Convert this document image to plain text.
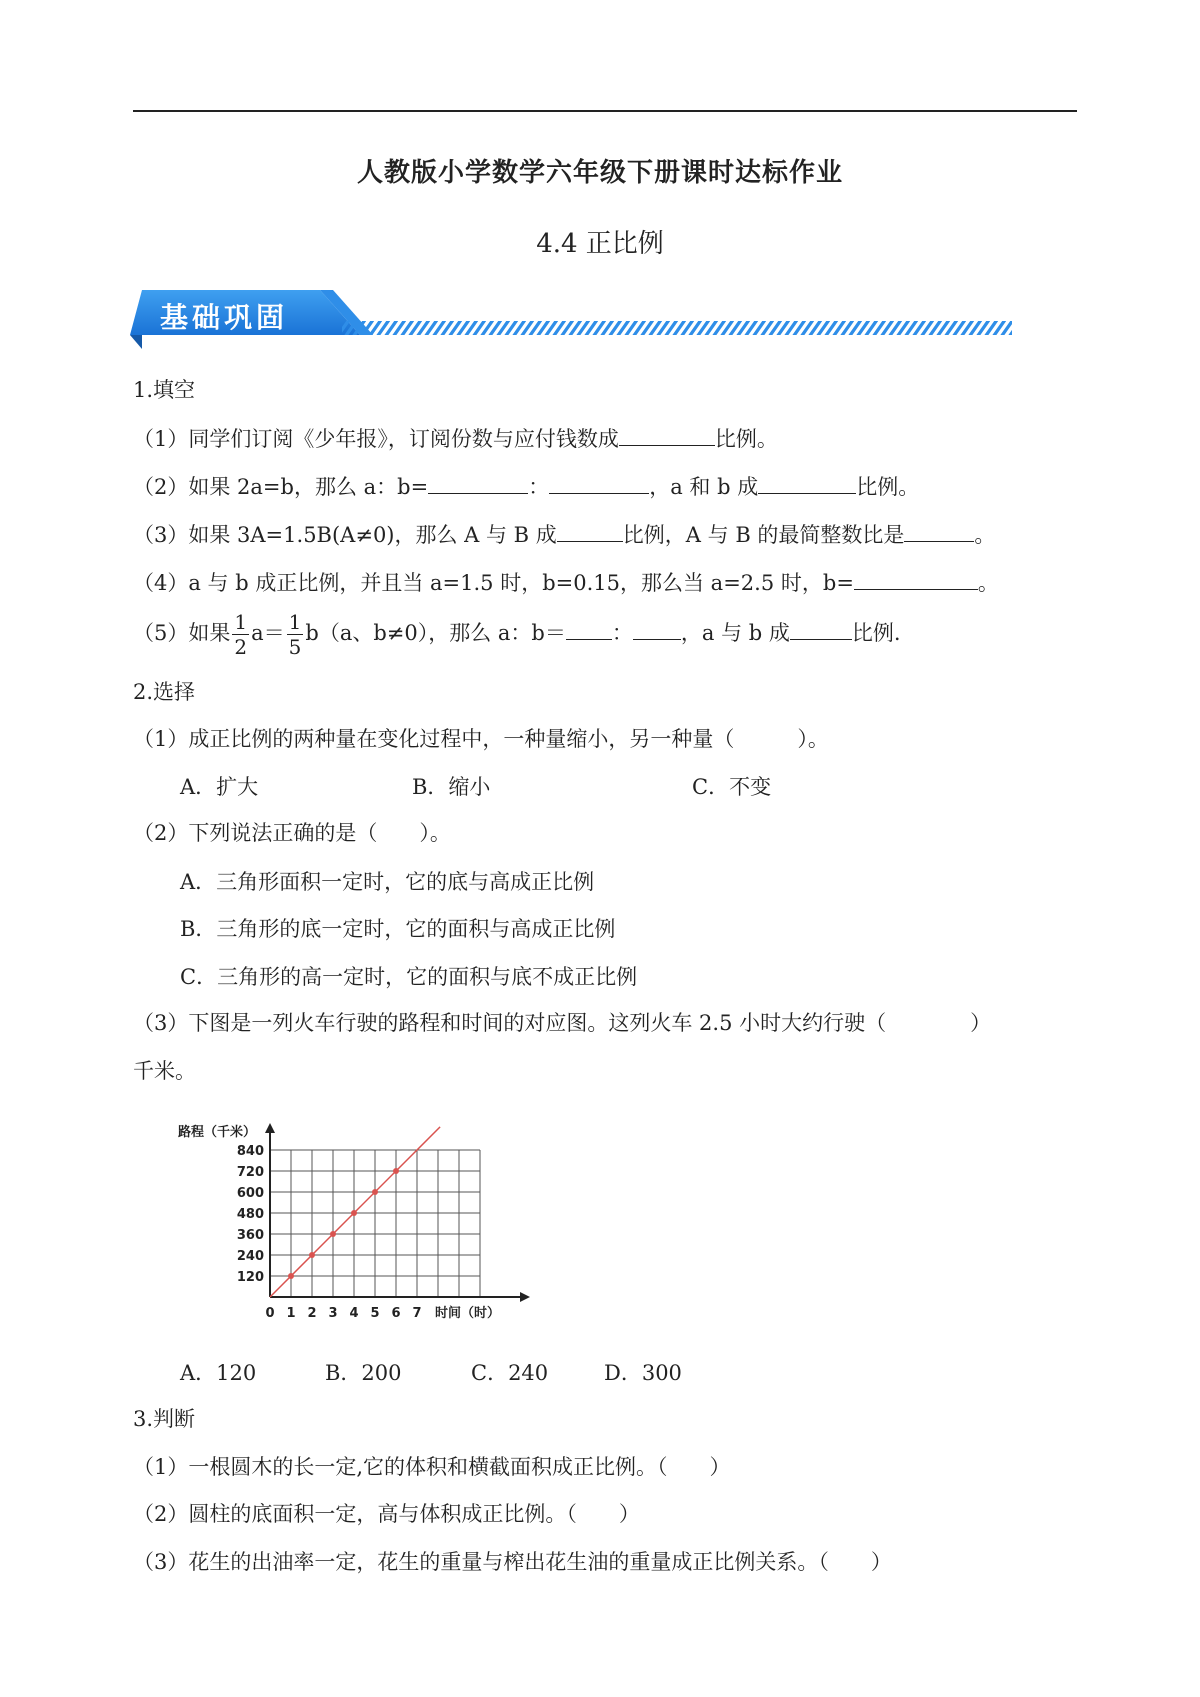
人教版小学数学六年级下册课时达标作业
4.4 正比例
基础巩固
1.填空
（1）同学们订阅《少年报》，订阅份数与应付钱数成	比例。
（2）如果 2a=b，那么 a：b=	：	，a 和 b 成	比例。
（3）如果 3A=1.5B(A≠0)，那么 A 与 B 成	比例，A 与 B 的最简整数比是	。
（4）a 与 b 成正比例，并且当 a=1.5 时，b=0.15，那么当 a=2.5 时，b=	。
（5）如果 $\frac{1}{2} a= \frac{1}{5} b(a$、b≠0），那么 a：b＝ ： ，a 与 b 成	比例.
2.选择
（1）成正比例的两种量在变化过程中，一种量缩小，另一种量（　　　）。
A．扩大	B．缩小	C．不变
（2）下列说法正确的是（　　）。
A．三角形面积一定时，它的底与高成正比例
B．三角形的底一定时，它的面积与高成正比例
C．三角形的高一定时，它的面积与底不成正比例
（3）下图是一列火车行驶的路程和时间的对应图。这列火车 2.5 小时大约行驶（　　　　）
千米。
0 1 2 3 4 5 6 7
120
240
360
480
600
720
840
时间（时）
路程（千米）
A．120	B．200	C．240	D．300
3.判断
（1）一根圆木的长一定,它的体积和横截面积成正比例。（　　）
（2）圆柱的底面积一定，高与体积成正比例。（　　）
（3）花生的出油率一定，花生的重量与榨出花生油的重量成正比例关系。（　　）
